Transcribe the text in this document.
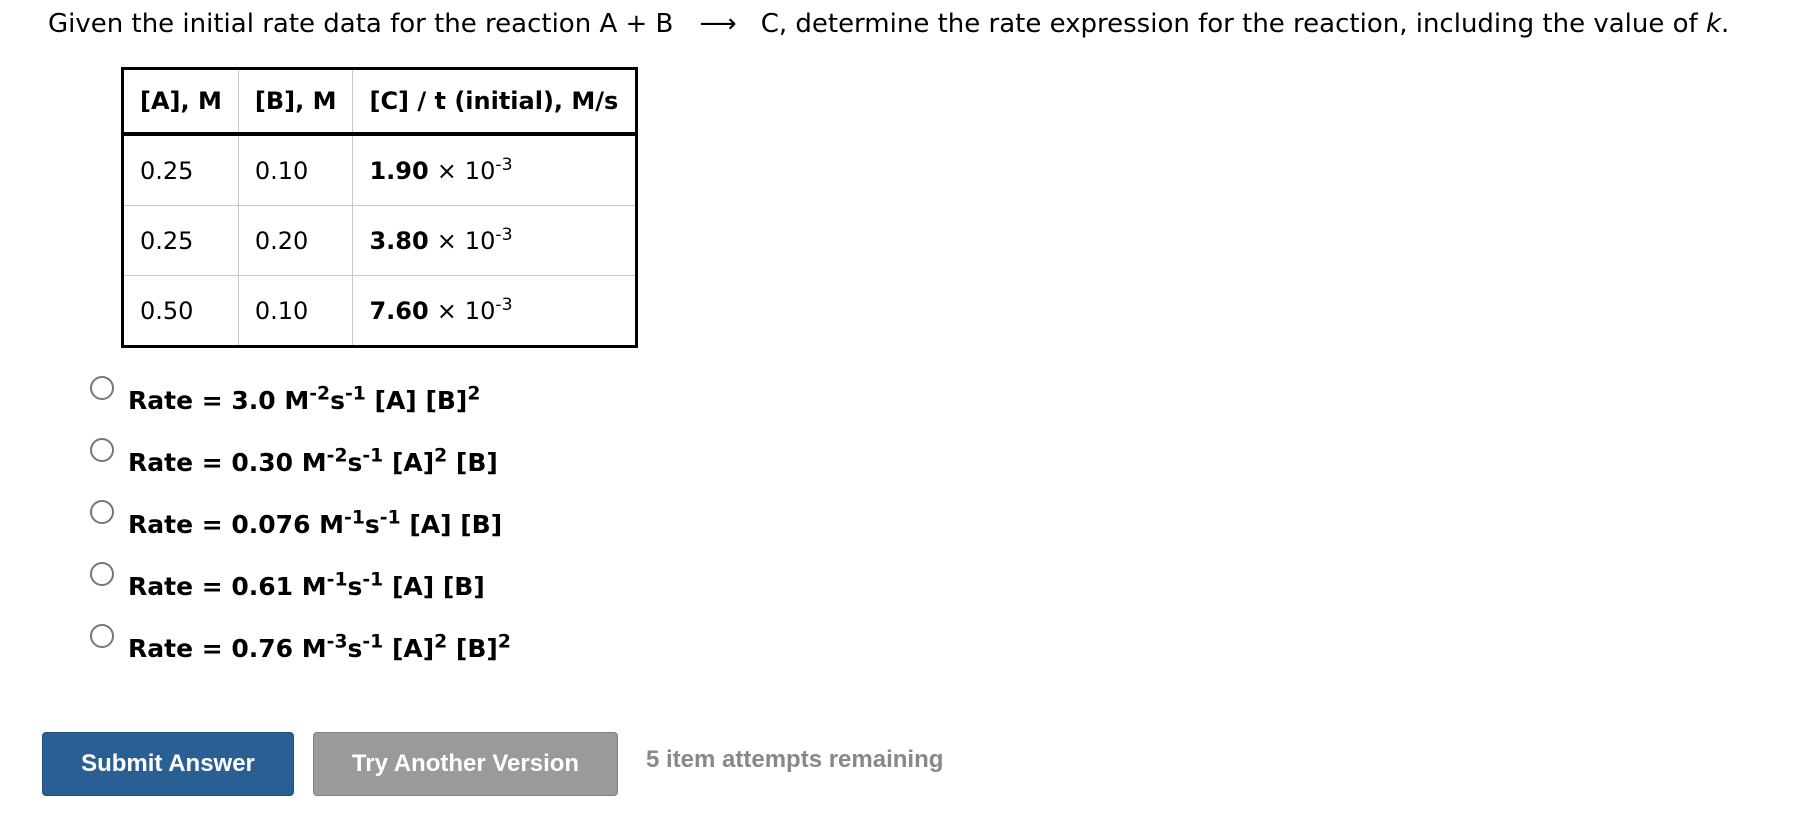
Given the initial rate data for the reaction A + B ⟶ C, determine the rate expression for the reaction, including the value of k.
[A], M	[B], M	[C] / t (initial), M/s
0.25	0.10	$1.90 \times 10^{-3}$
0.25	0.20	$3.80 \times 10^{-3}$
0.50	0.10	$7.60 \times 10^{-3}$
Rate = 3.0 $M^{-2}s^{-1}$ [A] $[B]^2$
Rate = 0.30 $M^{-2}s^{-1}$ $[A]^2$ [B]
Rate = 0.076 $M^{-1}s^{-1}$ [A] [B]
Rate = 0.61 $M^{-1}s^{-1}$ [A] [B]
Rate = 0.76 $M^{-3}s^{-1}$ $[A]^2$ $[B]^2$
Submit Answer	Try Another Version	5 item attempts remaining
